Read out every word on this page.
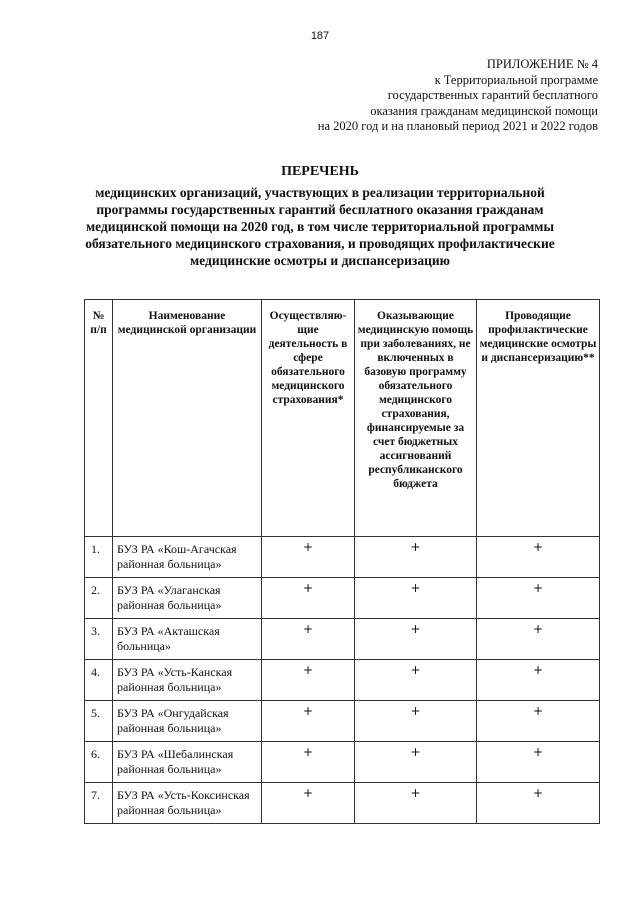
187
ПРИЛОЖЕНИЕ № 4
к Территориальной программе
государственных гарантий бесплатного
оказания гражданам медицинской помощи
на 2020 год и на плановый период 2021 и 2022 годов
ПЕРЕЧЕНЬ
медицинских организаций, участвующих в реализации территориальной программы государственных гарантий бесплатного оказания гражданам медицинской помощи на 2020 год, в том числе территориальной программы обязательного медицинского страхования, и проводящих профилактические медицинские осмотры и диспансеризацию
№ п/п	Наименование медицинской организации	Осуществляю-щие деятельность в сфере обязательного медицинского страхования*	Оказывающие медицинскую помощь при заболеваниях, не включенных в базовую программу обязательного медицинского страхования, финансируемые за счет бюджетных ассигнований республиканского бюджета	Проводящие профилактические медицинские осмотры и диспансеризацию**
1.	БУЗ РА «Кош-Агачская районная больница»	+	+	+
2.	БУЗ РА «Улаганская районная больница»	+	+	+
3.	БУЗ РА «Акташская больница»	+	+	+
4.	БУЗ РА «Усть-Канская районная больница»	+	+	+
5.	БУЗ РА «Онгудайская районная больница»	+	+	+
6.	БУЗ РА «Шебалинская районная больница»	+	+	+
7.	БУЗ РА «Усть-Коксинская районная больница»	+	+	+
